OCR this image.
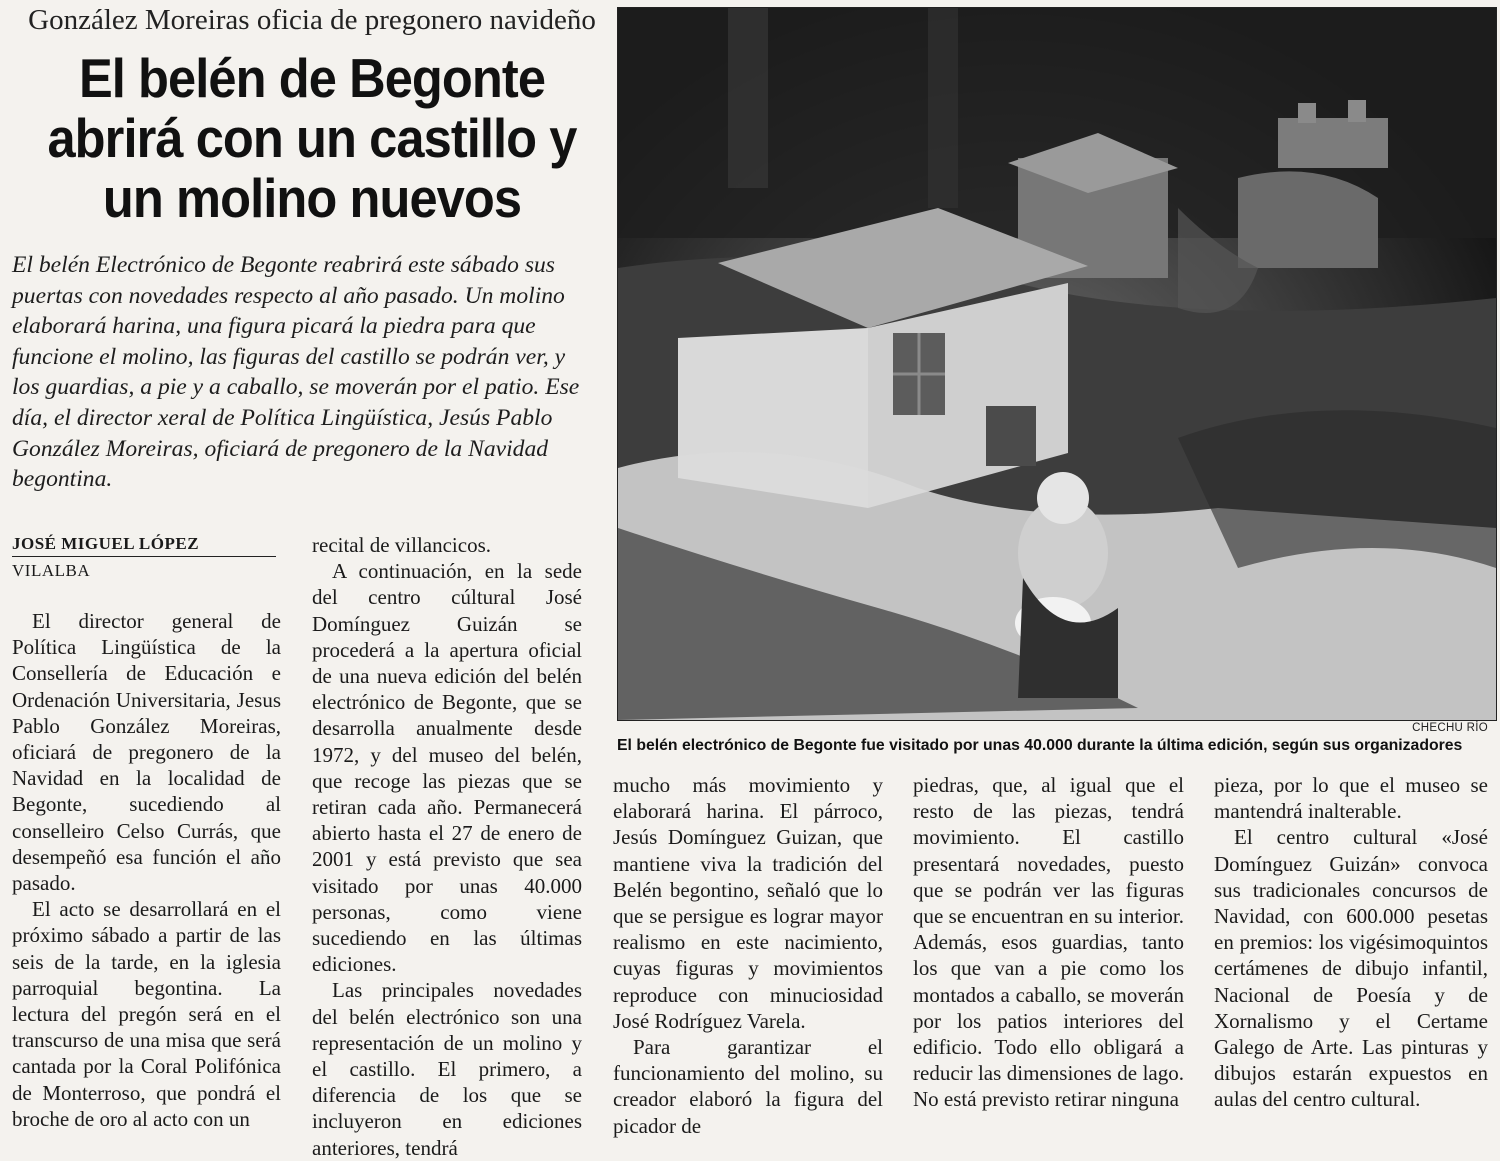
González Moreiras oficia de pregonero navideño
El belén de Begonte abrirá con un castillo y un molino nuevos
El belén Electrónico de Begonte reabrirá este sábado sus puertas con novedades respecto al año pasado. Un molino elaborará harina, una figura picará la piedra para que funcione el molino, las figuras del castillo se podrán ver, y los guardias, a pie y a caballo, se moverán por el patio. Ese día, el director xeral de Política Lingüística, Jesús Pablo González Moreiras, oficiará de pregonero de la Navidad begontina.
JOSÉ MIGUEL LÓPEZ
VILALBA

El director general de Política Lingüística de la Consellería de Educación e Ordenación Universitaria, Jesus Pablo González Moreiras, oficiará de pregonero de la Navidad en la localidad de Begonte, sucediendo al conselleiro Celso Currás, que desempeñó esa función el año pasado.

El acto se desarrollará en el próximo sábado a partir de las seis de la tarde, en la iglesia parroquial begontina. La lectura del pregón será en el transcurso de una misa que será cantada por la Coral Polifónica de Monterroso, que pondrá el broche de oro al acto con un

recital de villancicos.

A continuación, en la sede del centro cúltural José Domínguez Guizán se procederá a la apertura oficial de una nueva edición del belén electrónico de Begonte, que se desarrolla anualmente desde 1972, y del museo del belén, que recoge las piezas que se retiran cada año. Permanecerá abierto hasta el 27 de enero de 2001 y está previsto que sea visitado por unas 40.000 personas, como viene sucediendo en las últimas ediciones.

Las principales novedades del belén electrónico son una representación de un molino y el castillo. El primero, a diferencia de los que se incluyeron en ediciones anteriores, tendrá

mucho más movimiento y elaborará harina. El párroco, Jesús Domínguez Guizan, que mantiene viva la tradición del Belén begontino, señaló que lo que se persigue es lograr mayor realismo en este nacimiento, cuyas figuras y movimientos reproduce con minuciosidad José Rodríguez Varela.

Para garantizar el funcionamiento del molino, su creador elaboró la figura del picador de

piedras, que, al igual que el resto de las piezas, tendrá movimiento. El castillo presentará novedades, puesto que se podrán ver las figuras que se encuentran en su interior. Además, esos guardias, tanto los que van a pie como los montados a caballo, se moverán por los patios interiores del edificio. Todo ello obligará a reducir las dimensiones de lago. No está previsto retirar ninguna

pieza, por lo que el museo se mantendrá inalterable.

El centro cultural «José Domínguez Guizán» convoca sus tradicionales concursos de Navidad, con 600.000 pesetas en premios: los vigésimoquintos certámenes de dibujo infantil, Nacional de Poesía y de Xornalismo y el Certame Galego de Arte. Las pinturas y dibujos estarán expuestos en aulas del centro cultural.

CHECHU RÍO
El belén electrónico de Begonte fue visitado por unas 40.000 durante la última edición, según sus organizadores
